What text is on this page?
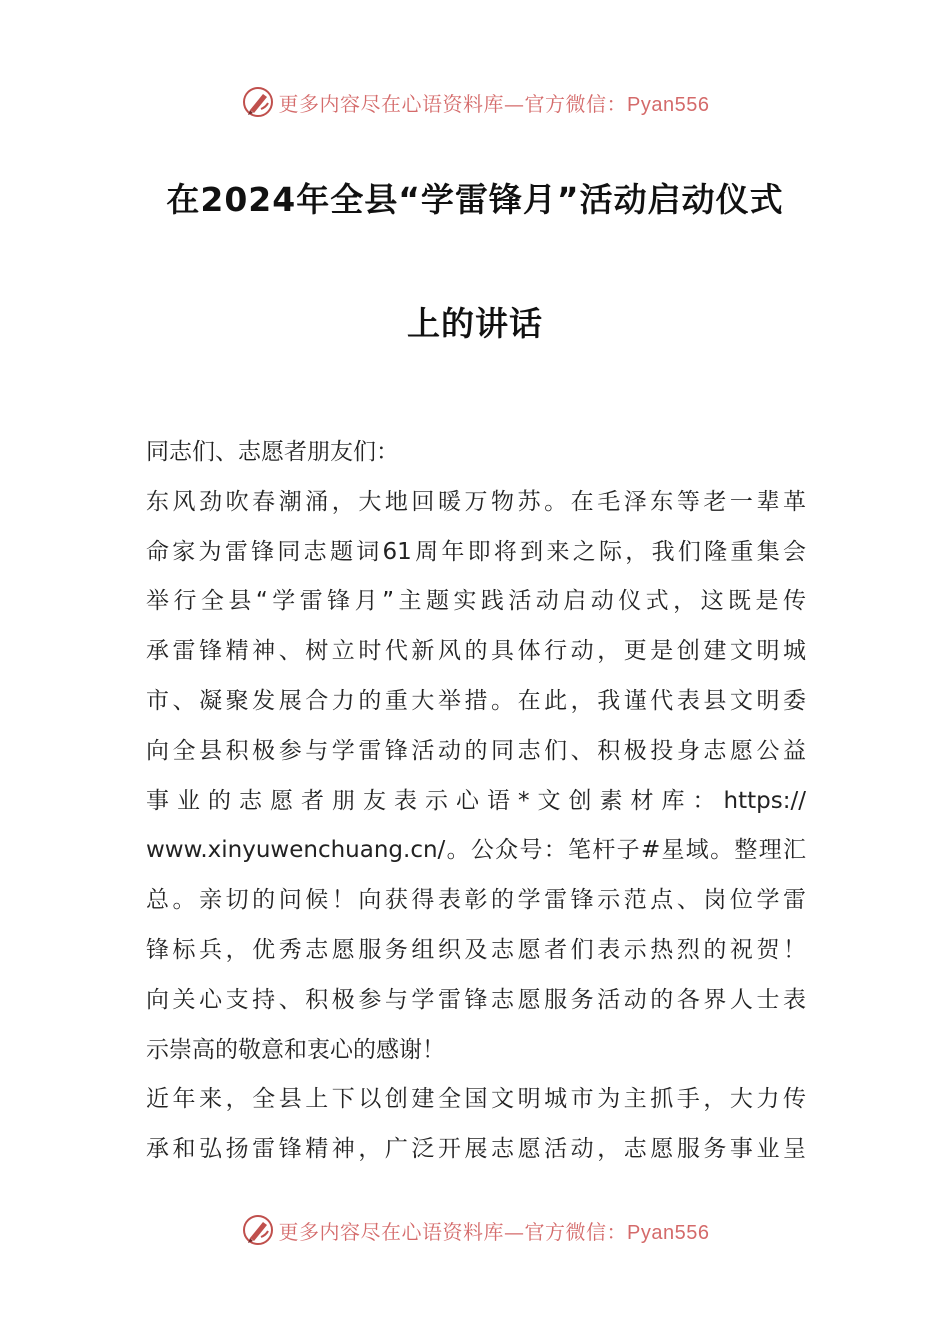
更多内容尽在心语资料库—官方微信：Pyan556
在2024年全县“学雷锋月”活动启动仪式
上的讲话
同志们、志愿者朋友们：
东风劲吹春潮涌，大地回暖万物苏。在毛泽东等老一辈革
命家为雷锋同志题词61周年即将到来之际，我们隆重集会
举行全县“学雷锋月”主题实践活动启动仪式，这既是传
承雷锋精神、树立时代新风的具体行动，更是创建文明城
市、凝聚发展合力的重大举措。在此，我谨代表县文明委
向全县积极参与学雷锋活动的同志们、积极投身志愿公益
事业的志愿者朋友表示心语*文创素材库：https://
www.xinyuwenchuang.cn/。公众号：笔杆子#星域。整理汇
总。亲切的问候！向获得表彰的学雷锋示范点、岗位学雷
锋标兵，优秀志愿服务组织及志愿者们表示热烈的祝贺！
向关心支持、积极参与学雷锋志愿服务活动的各界人士表
示崇高的敬意和衷心的感谢！
近年来，全县上下以创建全国文明城市为主抓手，大力传
承和弘扬雷锋精神，广泛开展志愿活动，志愿服务事业呈
更多内容尽在心语资料库—官方微信：Pyan556
